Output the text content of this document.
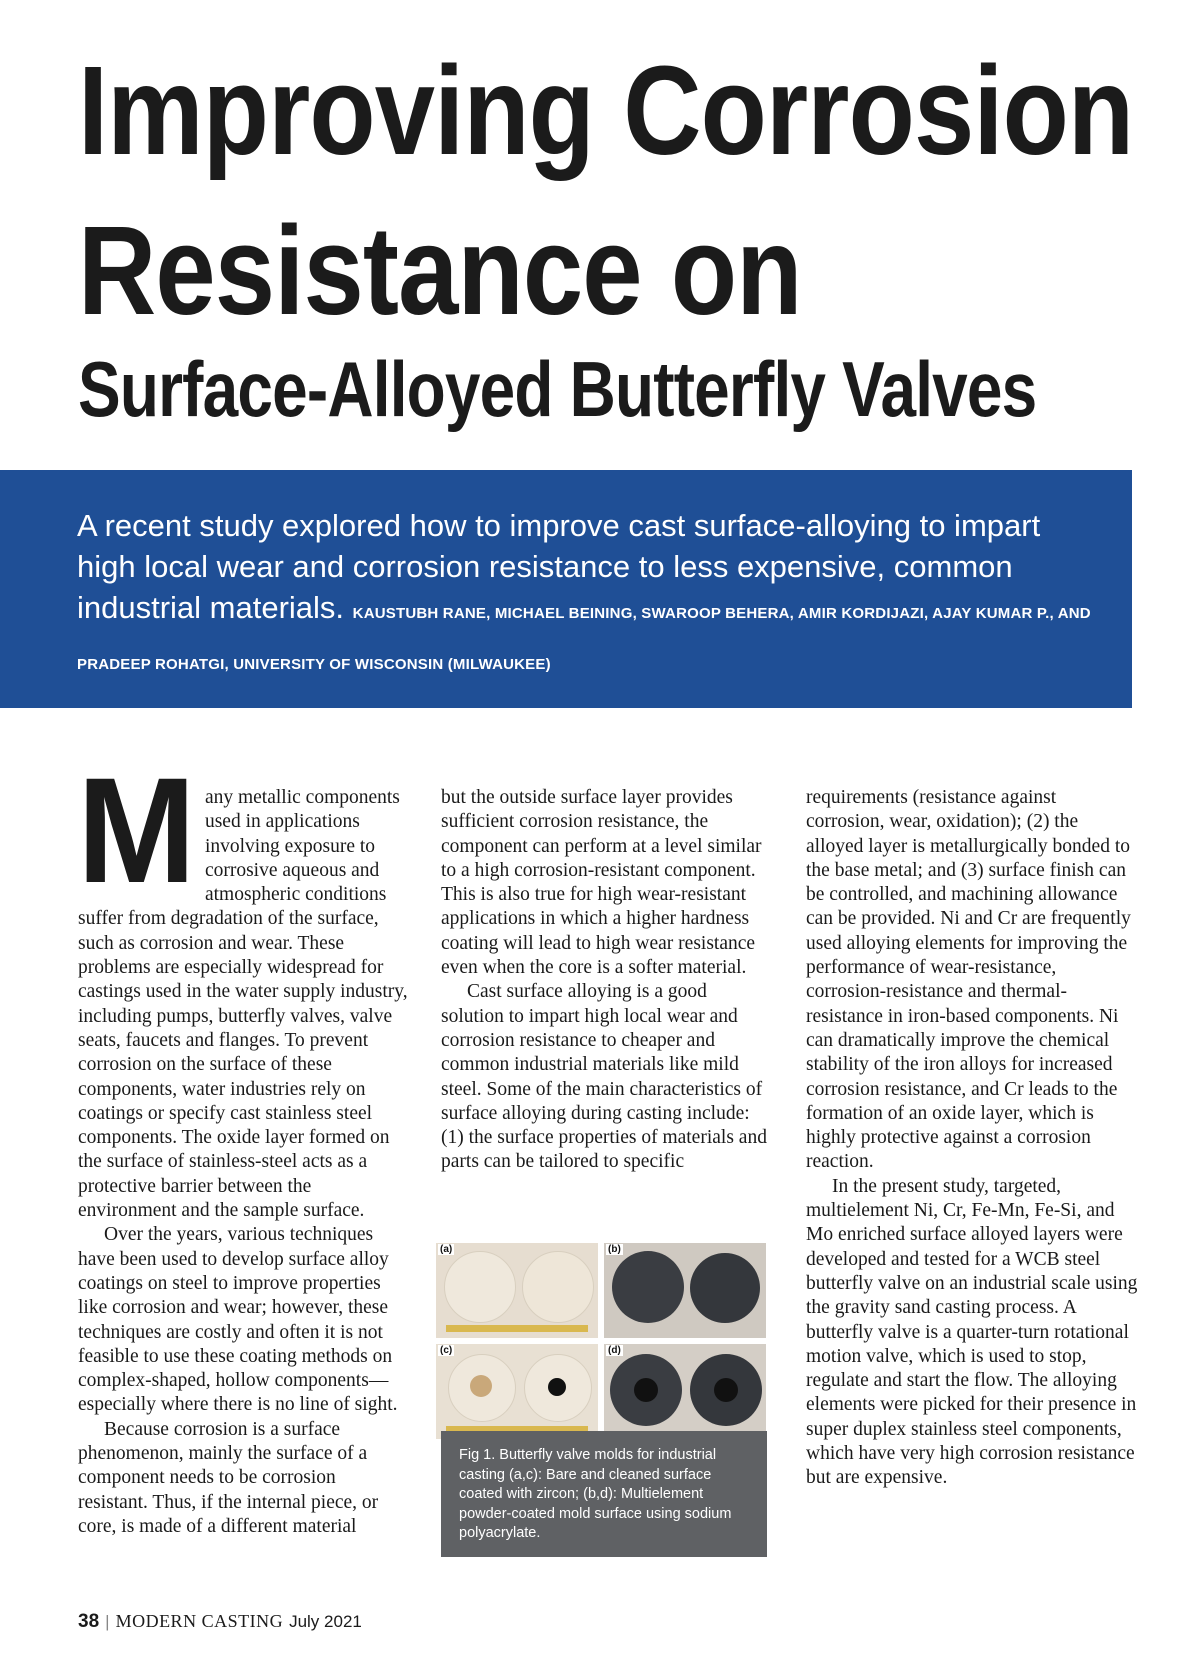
Improving Corrosion
Resistance on
Surface-Alloyed Butterfly Valves
A recent study explored how to improve cast surface-alloying to impart high local wear and corrosion resistance to less expensive, common industrial materials. KAUSTUBH RANE, MICHAEL BEINING, SWAROOP BEHERA, AMIR KORDIJAZI, AJAY KUMAR P., AND PRADEEP ROHATGI, UNIVERSITY OF WISCONSIN (MILWAUKEE)

Many metallic components used in applications involving exposure to corrosive aqueous and atmospheric conditions suffer from degradation of the surface, such as corrosion and wear. These problems are especially widespread for castings used in the water supply industry, including pumps, butterfly valves, valve seats, faucets and flanges. To prevent corrosion on the surface of these components, water industries rely on coatings or specify cast stainless steel components. The oxide layer formed on the surface of stainless-steel acts as a protective barrier between the environment and the sample surface.

Over the years, various techniques have been used to develop surface alloy coatings on steel to improve properties like corrosion and wear; however, these techniques are costly and often it is not feasible to use these coating methods on complex-shaped, hollow components—especially where there is no line of sight.

Because corrosion is a surface phenomenon, mainly the surface of a component needs to be corrosion resistant. Thus, if the internal piece, or core, is made of a different material

but the outside surface layer provides sufficient corrosion resistance, the component can perform at a level similar to a high corrosion-resistant component. This is also true for high wear-resistant applications in which a higher hardness coating will lead to high wear resistance even when the core is a softer material.

Cast surface alloying is a good solution to impart high local wear and corrosion resistance to cheaper and common industrial materials like mild steel. Some of the main characteristics of surface alloying during casting include: (1) the surface properties of materials and parts can be tailored to specific

(a)	(b)
(c)	(d)
Fig 1. Butterfly valve molds for industrial casting (a,c): Bare and cleaned surface coated with zircon; (b,d): Multielement powder-coated mold surface using sodium polyacrylate.

requirements (resistance against corrosion, wear, oxidation); (2) the alloyed layer is metallurgically bonded to the base metal; and (3) surface finish can be controlled, and machining allowance can be provided. Ni and Cr are frequently used alloying elements for improving the performance of wear-resistance, corrosion-resistance and thermal-resistance in iron-based components. Ni can dramatically improve the chemical stability of the iron alloys for increased corrosion resistance, and Cr leads to the formation of an oxide layer, which is highly protective against a corrosion reaction.

In the present study, targeted, multielement Ni, Cr, Fe-Mn, Fe-Si, and Mo enriched surface alloyed layers were developed and tested for a WCB steel butterfly valve on an industrial scale using the gravity sand casting process. A butterfly valve is a quarter-turn rotational motion valve, which is used to stop, regulate and start the flow. The alloying elements were picked for their presence in super duplex stainless steel components, which have very high corrosion resistance but are expensive.

38 | MODERN CASTING July 2021
